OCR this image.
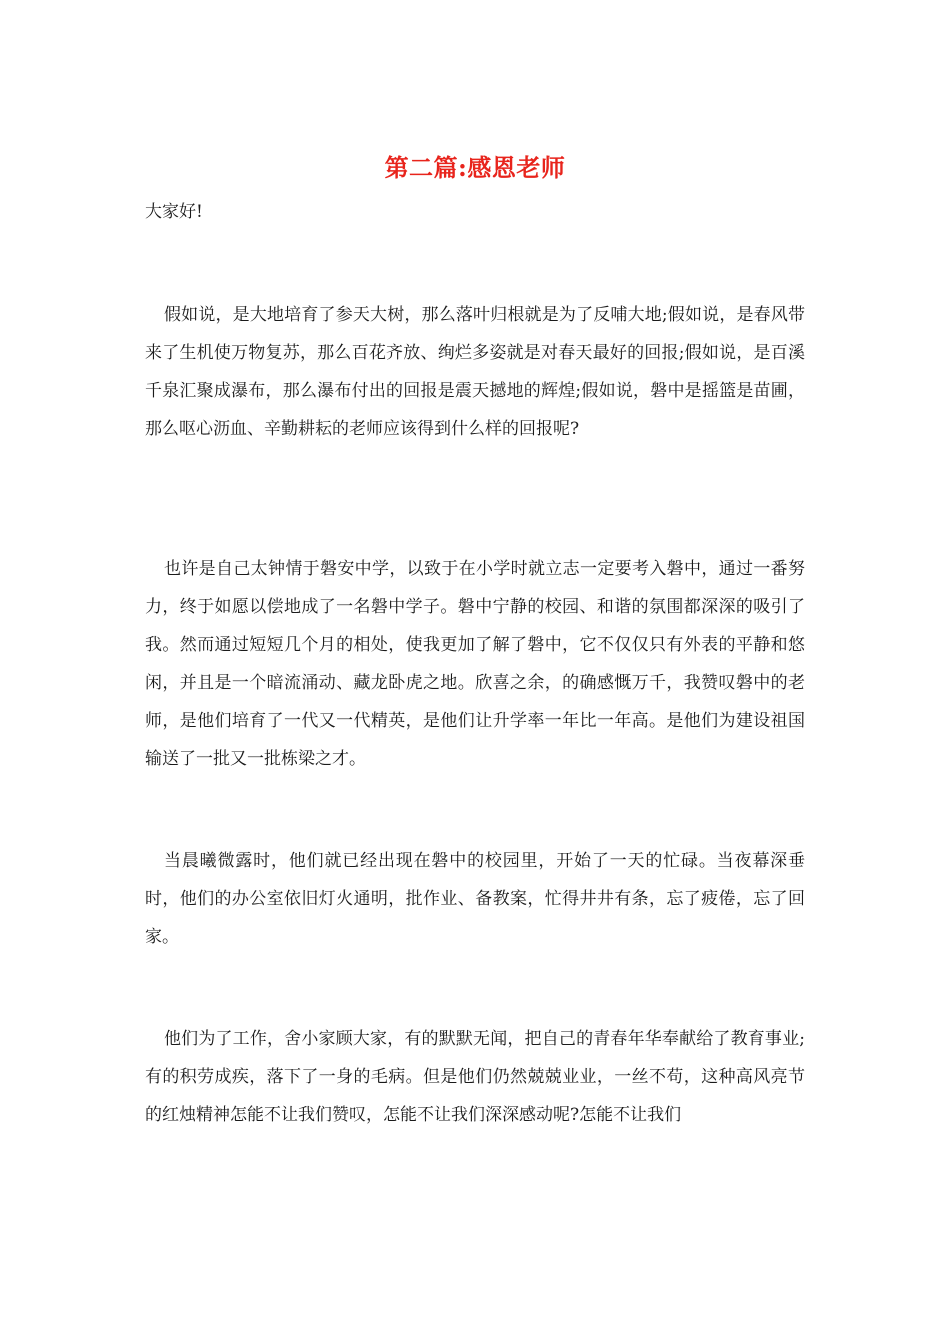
第二篇:感恩老师
大家好!

假如说，是大地培育了参天大树，那么落叶归根就是为了反哺大地;假如说，是春风带来了生机使万物复苏，那么百花齐放、绚烂多姿就是对春天最好的回报;假如说，是百溪千泉汇聚成瀑布，那么瀑布付出的回报是震天撼地的辉煌;假如说，磐中是摇篮是苗圃，那么呕心沥血、辛勤耕耘的老师应该得到什么样的回报呢?

也许是自己太钟情于磐安中学，以致于在小学时就立志一定要考入磐中，通过一番努力，终于如愿以偿地成了一名磐中学子。磐中宁静的校园、和谐的氛围都深深的吸引了我。然而通过短短几个月的相处，使我更加了解了磐中，它不仅仅只有外表的平静和悠闲，并且是一个暗流涌动、藏龙卧虎之地。欣喜之余，的确感慨万千，我赞叹磐中的老师，是他们培育了一代又一代精英，是他们让升学率一年比一年高。是他们为建设祖国输送了一批又一批栋梁之才。

当晨曦微露时，他们就已经出现在磐中的校园里，开始了一天的忙碌。当夜幕深垂时，他们的办公室依旧灯火通明，批作业、备教案，忙得井井有条，忘了疲倦，忘了回家。

他们为了工作，舍小家顾大家，有的默默无闻，把自己的青春年华奉献给了教育事业;有的积劳成疾，落下了一身的毛病。但是他们仍然兢兢业业，一丝不苟，这种高风亮节的红烛精神怎能不让我们赞叹，怎能不让我们深深感动呢?怎能不让我们
